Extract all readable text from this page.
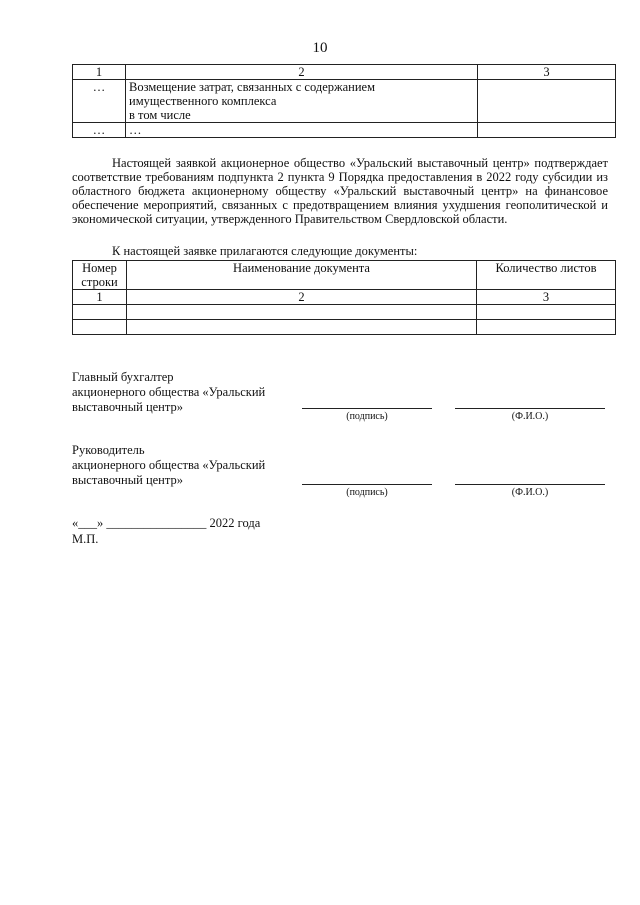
10
1	2	3
…	Возмещение затрат, связанных с содержанием
имущественного комплекса
в том числе	

…	…	
Настоящей заявкой акционерное общество «Уральский выставочный центр» подтверждает соответствие требованиям подпункта 2 пункта 9 Порядка предоставления в 2022 году субсидии из областного бюджета акционерному обществу «Уральский выставочный центр» на финансовое обеспечение мероприятий, связанных с предотвращением влияния ухудшения геополитической и экономической ситуации, утвержденного Правительством Свердловской области.
К настоящей заявке прилагаются следующие документы:
Номер
строки	Наименование документа	Количество листов
1	2	3

Главный бухгалтер
акционерного общества «Уральский
выставочный центр»
(подпись)	(Ф.И.О.)
Руководитель
акционерного общества «Уральский
выставочный центр»
(подпись)	(Ф.И.О.)
«___» ________________ 2022 года
М.П.
